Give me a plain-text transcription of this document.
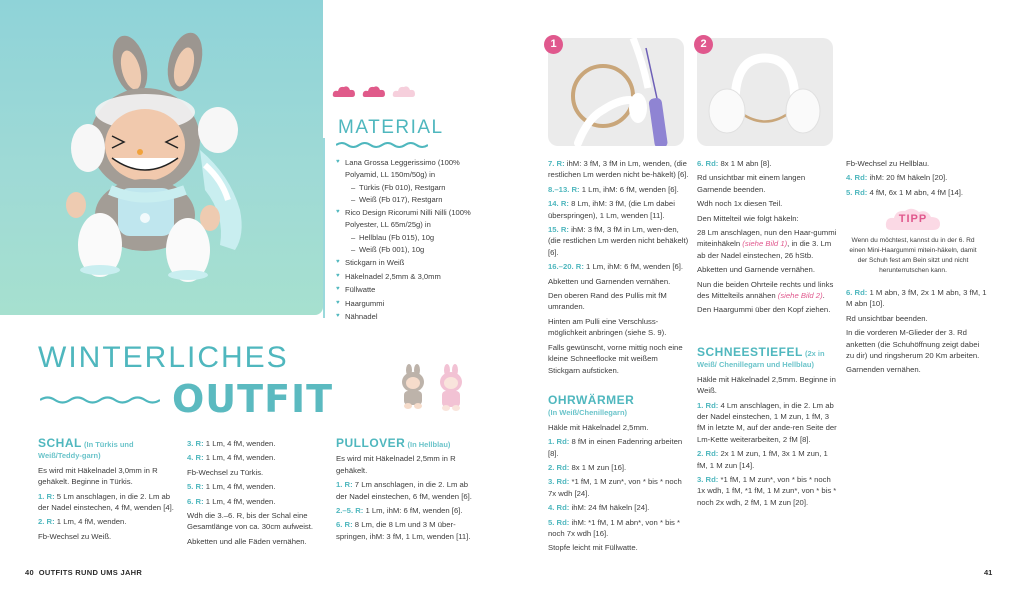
MATERIAL
♥ Lana Grossa Leggerissimo (100% Polyamid, LL 150m/50g) in
– Türkis (Fb 010), Restgarn
– Weiß (Fb 017), Restgarn
♥ Rico Design Ricorumi Nilli Nilli (100% Polyester, LL 65m/25g) in
– Hellblau (Fb 015), 10g
– Weiß (Fb 001), 10g
♥ Stickgarn in Weiß
♥ Häkelnadel 2,5mm & 3,0mm
♥ Füllwatte
♥ Haargummi
♥ Nähnadel
WINTERLICHES
OUTFIT

SCHAL (In Türkis und Weiß/Teddy-garn)

Es wird mit Häkelnadel 3,0mm in R gehäkelt. Beginne in Türkis.

1. R: 5 Lm anschlagen, in die 2. Lm ab der Nadel einstechen, 4 fM, wenden [4].

2. R: 1 Lm, 4 fM, wenden.

Fb-Wechsel zu Weiß.

3. R: 1 Lm, 4 fM, wenden.

4. R: 1 Lm, 4 fM, wenden.

Fb-Wechsel zu Türkis.

5. R: 1 Lm, 4 fM, wenden.

6. R: 1 Lm, 4 fM, wenden.

Wdh die 3.–6. R, bis der Schal eine Gesamtlänge von ca. 30cm aufweist.

Abketten und alle Fäden vernähen.

PULLOVER (In Hellblau)

Es wird mit Häkelnadel 2,5mm in R gehäkelt.

1. R: 7 Lm anschlagen, in die 2. Lm ab der Nadel einstechen, 6 fM, wenden [6].

2.–5. R: 1 Lm, ihM: 6 fM, wenden [6].

6. R: 8 Lm, die 8 Lm und 3 M über-springen, ihM: 3 fM, 1 Lm, wenden [11].

1	2

7. R: ihM: 3 fM, 3 fM in Lm, wenden, (die restlichen Lm werden nicht be-häkelt) [6].

8.–13. R: 1 Lm, ihM: 6 fM, wenden [6].

14. R: 8 Lm, ihM: 3 fM, (die Lm dabei überspringen), 1 Lm, wenden [11].

15. R: ihM: 3 fM, 3 fM in Lm, wen-den, (die restlichen Lm werden nicht behäkelt) [6].

16.–20. R: 1 Lm, ihM: 6 fM, wenden [6].

Abketten und Garnenden vernähen.

Den oberen Rand des Pullis mit fM umranden.

Hinten am Pulli eine Verschluss-möglichkeit anbringen (siehe S. 9).

Falls gewünscht, vorne mittig noch eine kleine Schneeflocke mit weißem Stickgarn aufsticken.

OHRWÄRMER

(In Weiß/Chenillegarn)

Häkle mit Häkelnadel 2,5mm.

1. Rd: 8 fM in einen Fadenring arbeiten [8].

2. Rd: 8x 1 M zun [16].

3. Rd: *1 fM, 1 M zun*, von * bis * noch 7x wdh [24].

4. Rd: ihM: 24 fM häkeln [24].

5. Rd: ihM: *1 fM, 1 M abn*, von * bis * noch 7x wdh [16].

Stopfe leicht mit Füllwatte.

6. Rd: 8x 1 M abn [8].

Rd unsichtbar mit einem langen Garnende beenden.

Wdh noch 1x diesen Teil.

Den Mittelteil wie folgt häkeln:

28 Lm anschlagen, nun den Haar-gummi miteinhäkeln (siehe Bild 1), in die 3. Lm ab der Nadel einstechen, 26 hStb.

Abketten und Garnende vernähen.

Nun die beiden Ohrteile rechts und links des Mittelteils annähen (siehe Bild 2).

Den Haargummi über den Kopf ziehen.

SCHNEESTIEFEL (2x in Weiß/ Chenillegarn und Hellblau)

Häkle mit Häkelnadel 2,5mm. Beginne in Weiß.

1. Rd: 4 Lm anschlagen, in die 2. Lm ab der Nadel einstechen, 1 M zun, 1 fM, 3 fM in letzte M, auf der ande-ren Seite der Lm-Kette weiterarbeiten, 2 fM [8].

2. Rd: 2x 1 M zun, 1 fM, 3x 1 M zun, 1 fM, 1 M zun [14].

3. Rd: *1 fM, 1 M zun*, von * bis * noch 1x wdh, 1 fM, *1 fM, 1 M zun*, von * bis * noch 2x wdh, 2 fM, 1 M zun [20].

Fb-Wechsel zu Hellblau.

4. Rd: ihM: 20 fM häkeln [20].

5. Rd: 4 fM, 6x 1 M abn, 4 fM [14].

TIPP
Wenn du möchtest, kannst du in der 6. Rd einen Mini-Haargummi mitein-häkeln, damit der Schuh fest am Bein sitzt und nicht herunterrutschen kann.

6. Rd: 1 M abn, 3 fM, 2x 1 M abn, 3 fM, 1 M abn [10].

Rd unsichtbar beenden.

In die vorderen M-Glieder der 3. Rd anketten (die Schuhöffnung zeigt dabei zu dir) und ringsherum 20 Km arbeiten.

Garnenden vernähen.

40 OUTFITS RUND UMS JAHR	41
